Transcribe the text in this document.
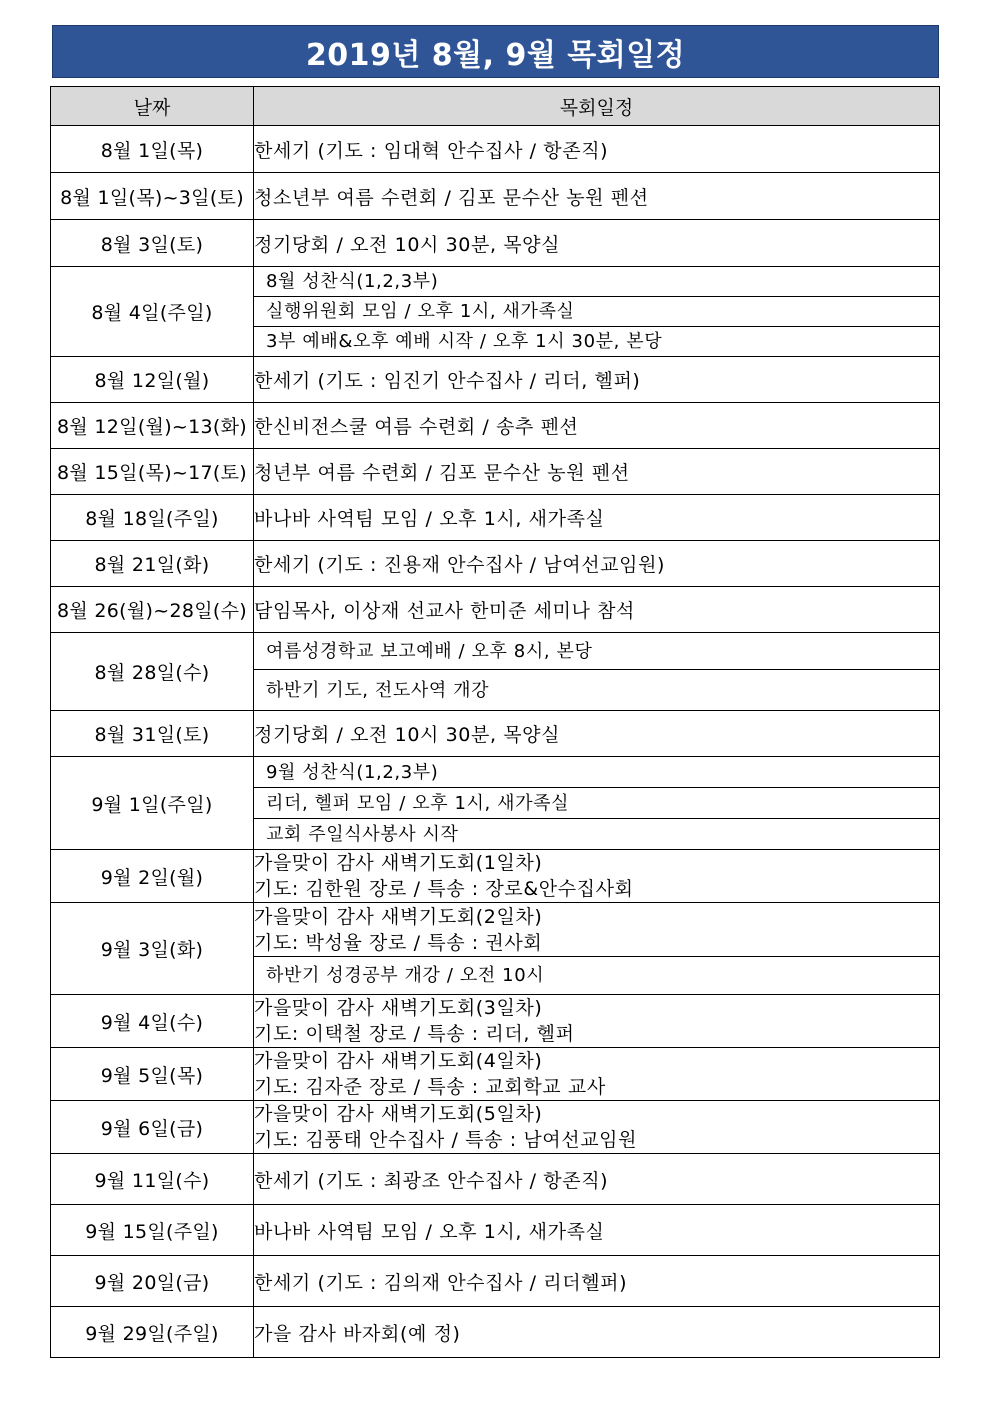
2019년 8월, 9월 목회일정
날짜	목회일정
8월 1일(목)	한세기 (기도 : 임대혁 안수집사 / 항존직)
8월 1일(목)~3일(토)	청소년부 여름 수련회 / 김포 문수산 농원 펜션
8월 3일(토)	정기당회 / 오전 10시 30분, 목양실
8월 4일(주일)	8월 성찬식(1,2,3부)
	실행위원회 모임 / 오후 1시, 새가족실
	3부 예배&오후 예배 시작 / 오후 1시 30분, 본당
8월 12일(월)	한세기 (기도 : 임진기 안수집사 / 리더, 헬퍼)
8월 12일(월)~13(화)	한신비전스쿨 여름 수련회 / 송추 펜션
8월 15일(목)~17(토)	청년부 여름 수련회 / 김포 문수산 농원 펜션
8월 18일(주일)	바나바 사역팀 모임 / 오후 1시, 새가족실
8월 21일(화)	한세기 (기도 : 진용재 안수집사 / 남여선교임원)
8월 26(월)~28일(수)	담임목사, 이상재 선교사 한미준 세미나 참석
8월 28일(수)	여름성경학교 보고예배 / 오후 8시, 본당
	하반기 기도, 전도사역 개강
8월 31일(토)	정기당회 / 오전 10시 30분, 목양실
9월 1일(주일)	9월 성찬식(1,2,3부)
	리더, 헬퍼 모임 / 오후 1시, 새가족실
	교회 주일식사봉사 시작
9월 2일(월)	가을맞이 감사 새벽기도회(1일차)
기도: 김한원 장로 / 특송 : 장로&안수집사회

9월 3일(화)	가을맞이 감사 새벽기도회(2일차)
기도: 박성율 장로 / 특송 : 권사회

	하반기 성경공부 개강 / 오전 10시
9월 4일(수)	가을맞이 감사 새벽기도회(3일차)
기도: 이택철 장로 / 특송 : 리더, 헬퍼

9월 5일(목)	가을맞이 감사 새벽기도회(4일차)
기도: 김자준 장로 / 특송 : 교회학교 교사

9월 6일(금)	가을맞이 감사 새벽기도회(5일차)
기도: 김풍태 안수집사 / 특송 : 남여선교임원

9월 11일(수)	한세기 (기도 : 최광조 안수집사 / 항존직)
9월 15일(주일)	바나바 사역팀 모임 / 오후 1시, 새가족실
9월 20일(금)	한세기 (기도 : 김의재 안수집사 / 리더헬퍼)
9월 29일(주일)	가을 감사 바자회(예 정)
